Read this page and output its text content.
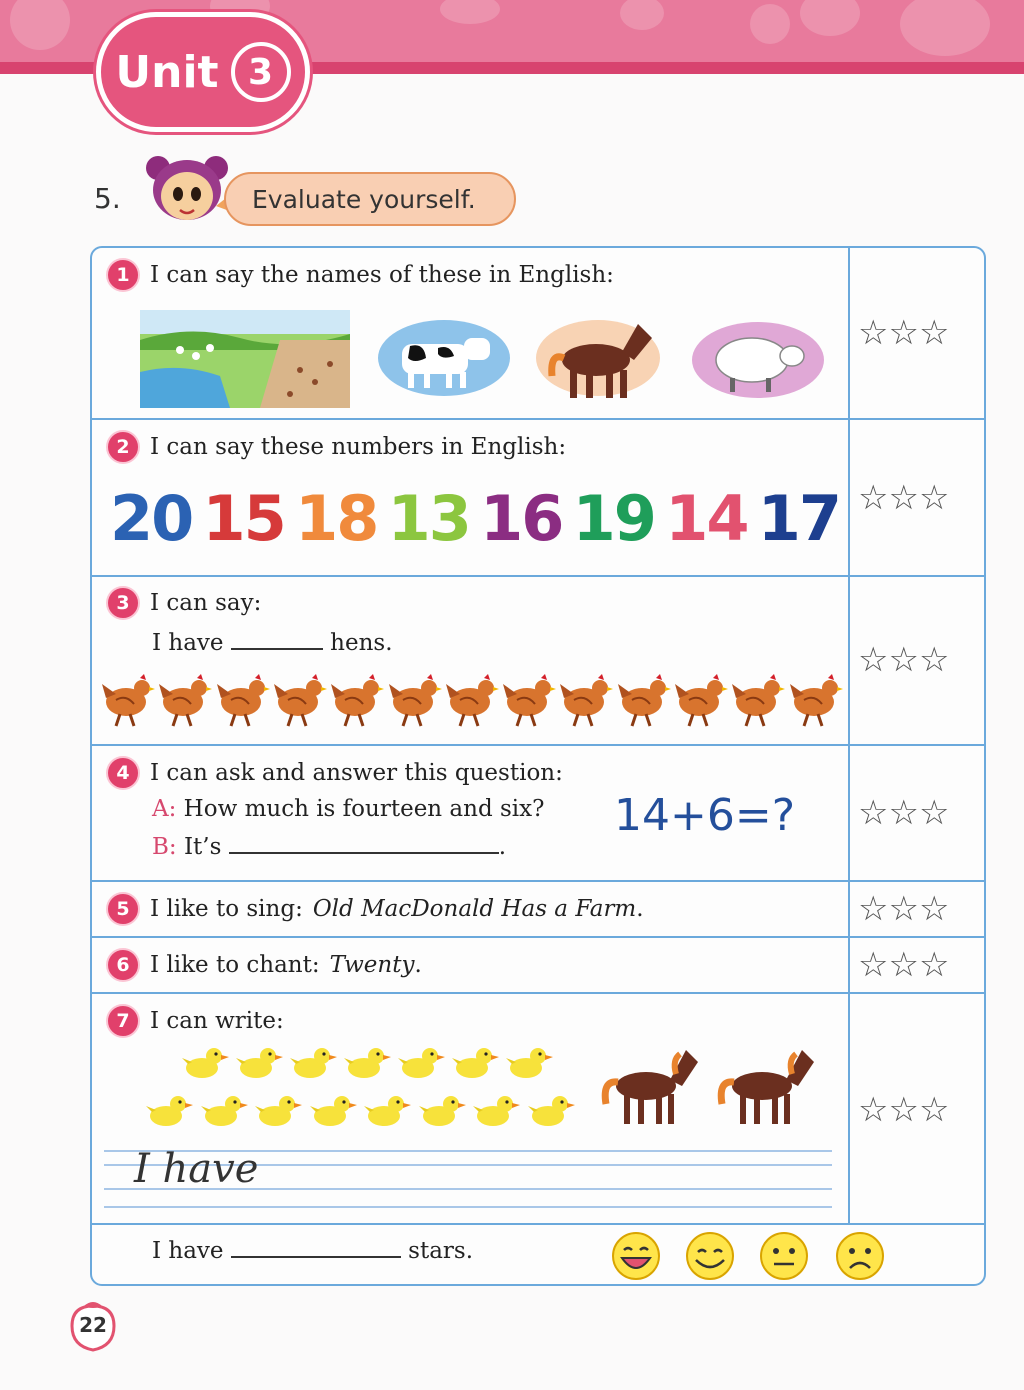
Unit 3
5.	Evaluate yourself.
1 I can say the names of these in English:
☆☆☆
2 I can say these numbers in English:
20 15 18 13 16 19 14 17 ☆☆☆
3 I can say:
I have	hens.	☆☆☆
4 I can ask and answer this question:
A: How much is fourteen and six?
B: It’s	.
14+6=? ☆☆☆
5 I like to sing: Old MacDonald Has a Farm .	☆☆☆
6 I like to chant: Twenty .	☆☆☆
7 I can write:
I have
☆☆☆
I have	stars.
22
